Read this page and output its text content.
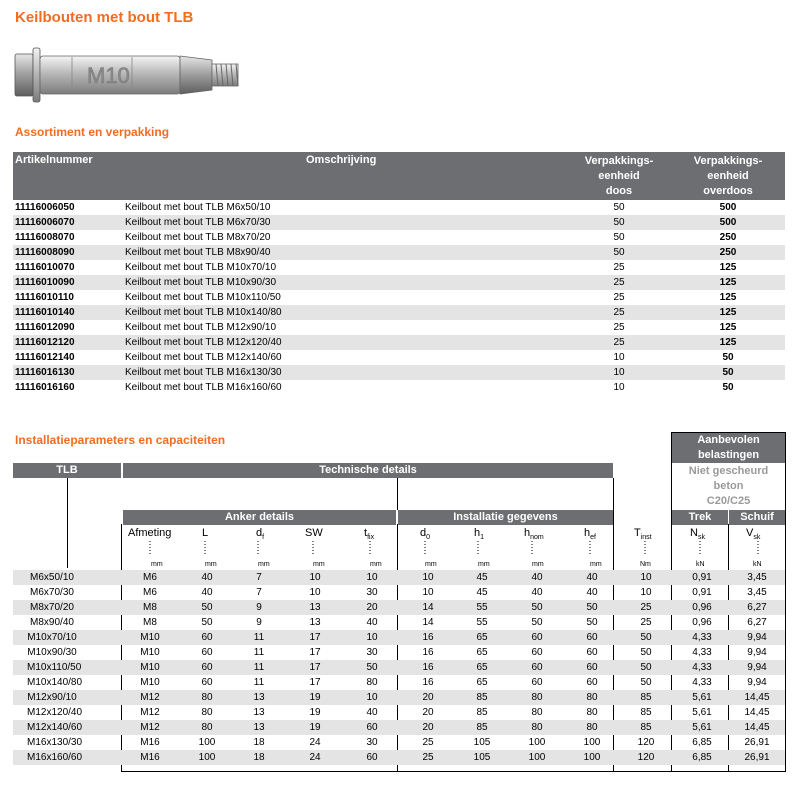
Keilbouten met bout TLB
M10
Assortiment en verpakking
Artikelnummer	Omschrijving	Verpakkings-
eenheid
doos
Verpakkings-
eenheid
overdoos
11116006050	Keilbout met bout TLB M6x50/10	50	500
11116006070	Keilbout met bout TLB M6x70/30	50	500
11116008070	Keilbout met bout TLB M8x70/20	50	250
11116008090	Keilbout met bout TLB M8x90/40	50	250
11116010070	Keilbout met bout TLB M10x70/10	25	125
11116010090	Keilbout met bout TLB M10x90/30	25	125
11116010110	Keilbout met bout TLB M10x110/50	25	125
11116010140	Keilbout met bout TLB M10x140/80	25	125
11116012090	Keilbout met bout TLB M12x90/10	25	125
11116012120	Keilbout met bout TLB M12x120/40	25	125
11116012140	Keilbout met bout TLB M12x140/60	10	50
11116016130	Keilbout met bout TLB M16x130/30	10	50
11116016160	Keilbout met bout TLB M16x160/60	10	50
Installatieparameters en capaciteiten
TLB	Technische details
Aanbevolen
belastingen
Niet gescheurd
beton
C20/C25
Anker details	Installatie gegevens	Trek	Schuif
Afmeting	L	$d_f$	SW	$t_{fix}$	$d_0$	$h_1$	$h_{nom}$	$h_{ef}$	$T_{inst}$	$N_{sk}$	$V_{sk}$
mm	mm	mm	mm	mm	mm	mm	mm	mm	Nm	kN	kN
M6x50/10	M6	40	7	10	10	10	45	40	40	10	0,91	3,45
M6x70/30	M6	40	7	10	30	10	45	40	40	10	0,91	3,45
M8x70/20	M8	50	9	13	20	14	55	50	50	25	0,96	6,27
M8x90/40	M8	50	9	13	40	14	55	50	50	25	0,96	6,27
M10x70/10	M10	60	11	17	10	16	65	60	60	50	4,33	9,94
M10x90/30	M10	60	11	17	30	16	65	60	60	50	4,33	9,94
M10x110/50	M10	60	11	17	50	16	65	60	60	50	4,33	9,94
M10x140/80	M10	60	11	17	80	16	65	60	60	50	4,33	9,94
M12x90/10	M12	80	13	19	10	20	85	80	80	85	5,61	14,45
M12x120/40	M12	80	13	19	40	20	85	80	80	85	5,61	14,45
M12x140/60	M12	80	13	19	60	20	85	80	80	85	5,61	14,45
M16x130/30	M16	100	18	24	30	25	105	100	100	120	6,85	26,91
M16x160/60	M16	100	18	24	60	25	105	100	100	120	6,85	26,91
